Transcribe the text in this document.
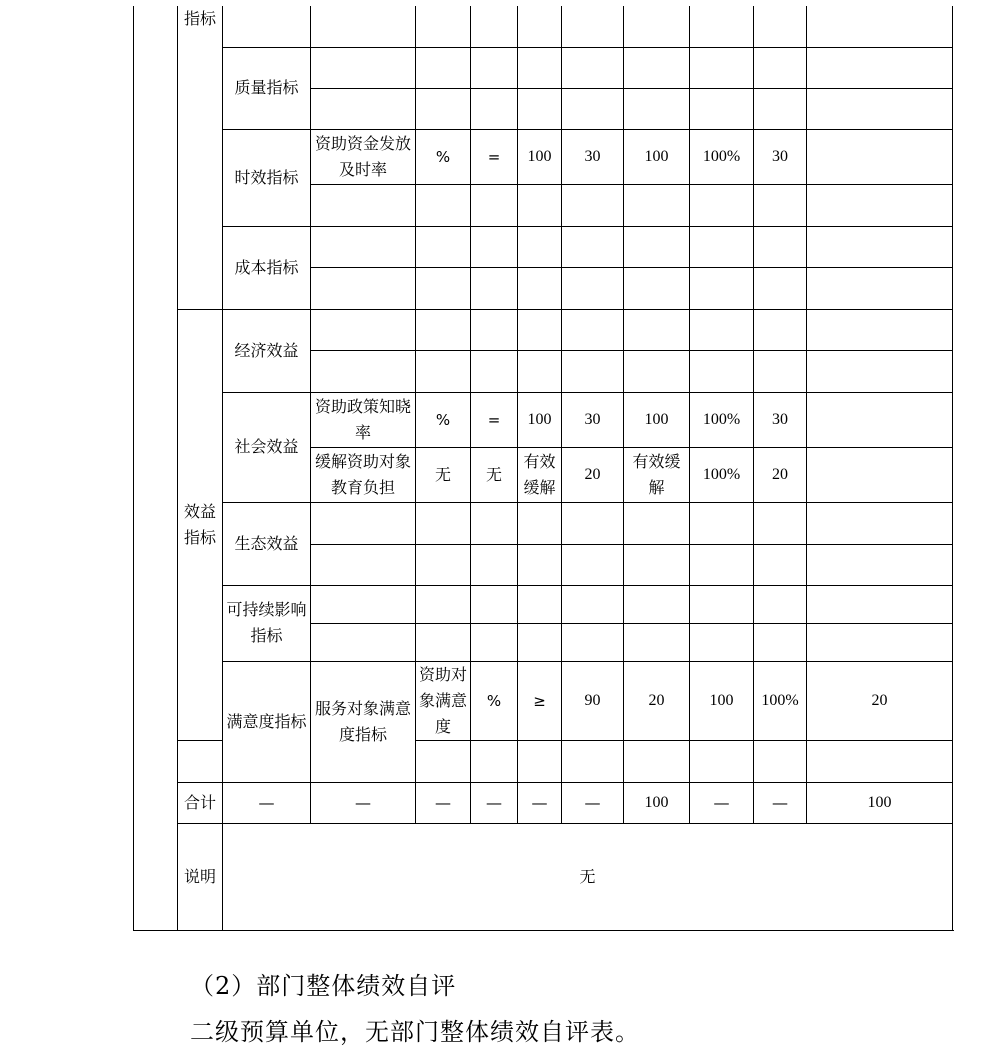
	指标											
		质量指标										

		时效指标	资助资金发放及时率	%	=	100	30	100	100%	30		

		成本指标										

	效益指标	经济效益										

		社会效益	资助政策知晓率	%	=	100	30	100	100%	30		
			缓解资助对象教育负担	无	无	有效缓解	20	有效缓解	100%	20		
		生态效益										

		可持续影响指标										

		满意度指标	服务对象满意度指标	资助对象满意度	%	≥	90	20	100	100%	20	

	合计	—	—	—	—	—	—	100	—	—	100	
	说明	无										
（2）部门整体绩效自评
二级预算单位，无部门整体绩效自评表。
